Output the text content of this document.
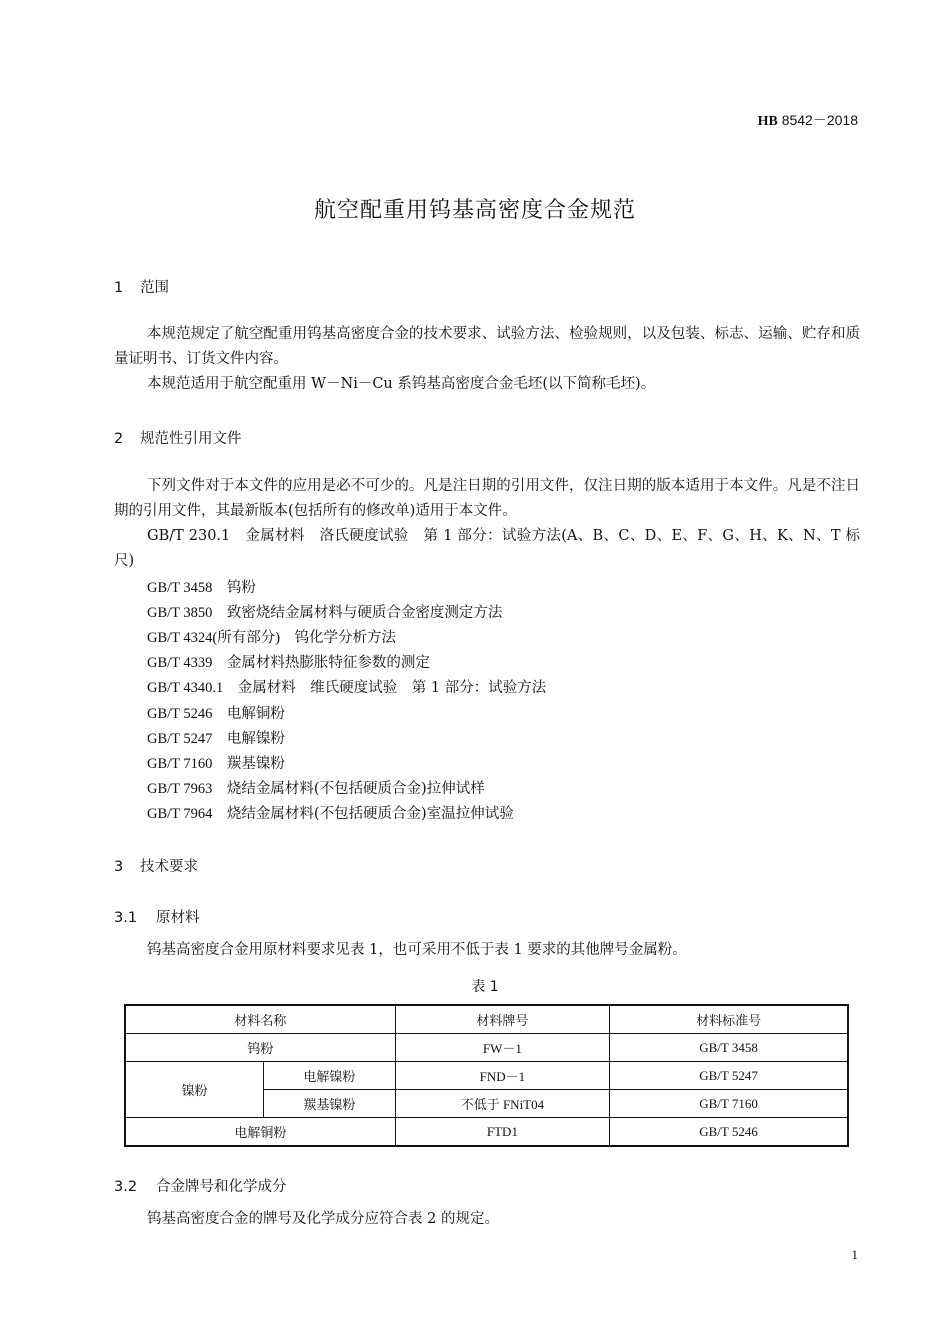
HB 8542－2018
航空配重用钨基高密度合金规范
1 范围
本规范规定了航空配重用钨基高密度合金的技术要求、试验方法、检验规则，以及包装、标志、运输、贮存和质量证明书、订货文件内容。
本规范适用于航空配重用 W－Ni－Cu 系钨基高密度合金毛坯(以下简称毛坯)。
2 规范性引用文件
下列文件对于本文件的应用是必不可少的。凡是注日期的引用文件，仅注日期的版本适用于本文件。凡是不注日期的引用文件，其最新版本(包括所有的修改单)适用于本文件。
GB/T 230.1　金属材料　洛氏硬度试验　第 1 部分：试验方法(A、B、C、D、E、F、G、H、K、N、T 标尺)
GB/T 3458　 钨粉
GB/T 3850　 致密烧结金属材料与硬质合金密度测定方法
GB/T 4324(所有部分)　 钨化学分析方法
GB/T 4339　 金属材料热膨胀特征参数的测定
GB/T 4340.1　 金属材料　维氏硬度试验　第 1 部分：试验方法
GB/T 5246　 电解铜粉
GB/T 5247　 电解镍粉
GB/T 7160　 羰基镍粉
GB/T 7963　 烧结金属材料(不包括硬质合金)拉伸试样
GB/T 7964　 烧结金属材料(不包括硬质合金)室温拉伸试验
3 技术要求
3.1 原材料
钨基高密度合金用原材料要求见表 1，也可采用不低于表 1 要求的其他牌号金属粉。
表 1
材料名称		材料牌号	材料标准号
钨粉		FW－1	GB/T 3458
镍粉	电解镍粉	FND－1	GB/T 5247
	羰基镍粉	不低于 FNiT04	GB/T 7160
电解铜粉		FTD1	GB/T 5246
3.2 合金牌号和化学成分
钨基高密度合金的牌号及化学成分应符合表 2 的规定。
1
